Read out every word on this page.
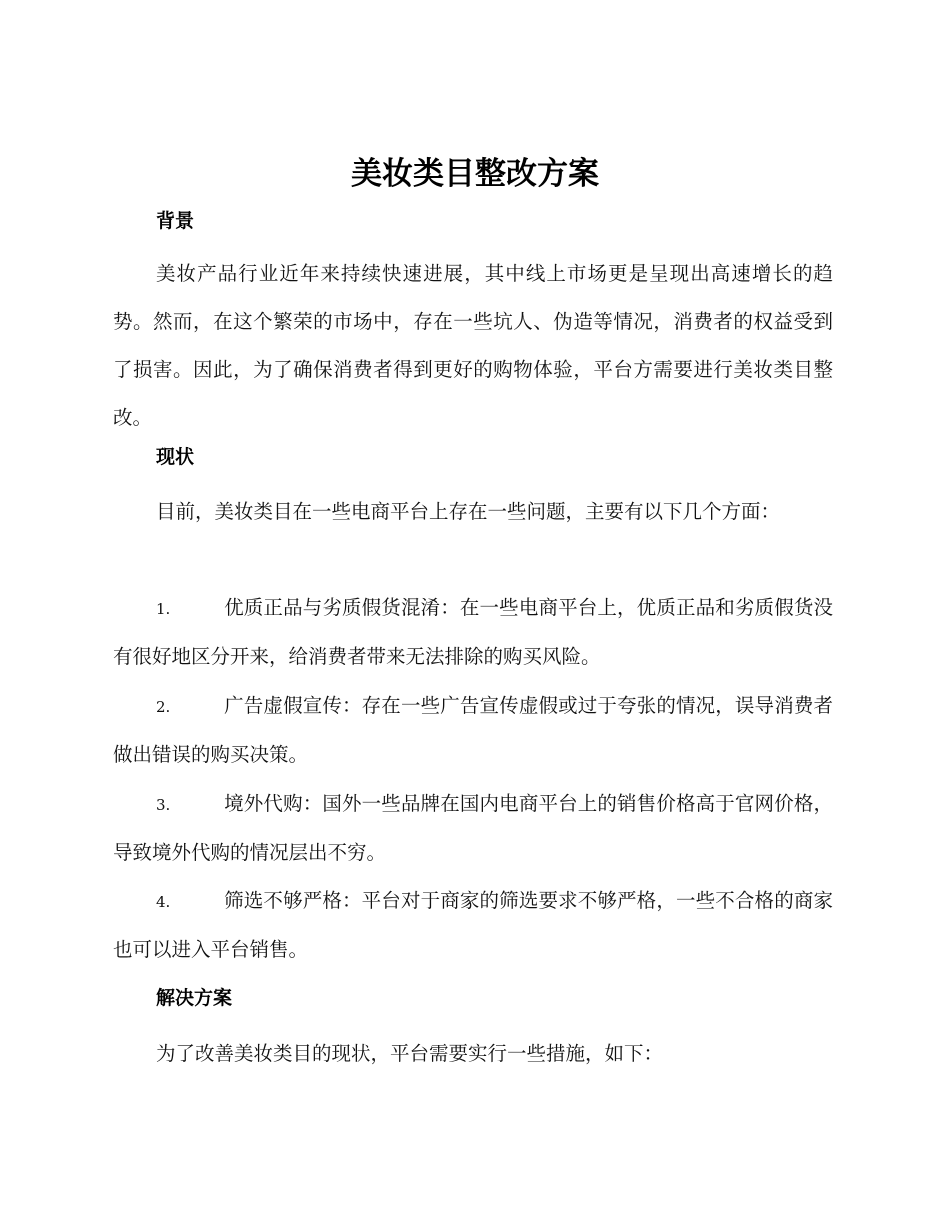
美妆类目整改方案
背景

美妆产品行业近年来持续快速进展，其中线上市场更是呈现出高速增长的趋势。然而，在这个繁荣的市场中，存在一些坑人、伪造等情况，消费者的权益受到了损害。因此，为了确保消费者得到更好的购物体验，平台方需要进行美妆类目整改。

现状

目前，美妆类目在一些电商平台上存在一些问题，主要有以下几个方面：

1.	优质正品与劣质假货混淆：在一些电商平台上，优质正品和劣质假货没有很好地区分开来，给消费者带来无法排除的购买风险。
2.	广告虚假宣传：存在一些广告宣传虚假或过于夸张的情况，误导消费者做出错误的购买决策。
3.	境外代购：国外一些品牌在国内电商平台上的销售价格高于官网价格，导致境外代购的情况层出不穷。
4.	筛选不够严格：平台对于商家的筛选要求不够严格，一些不合格的商家也可以进入平台销售。
解决方案

为了改善美妆类目的现状，平台需要实行一些措施，如下：
